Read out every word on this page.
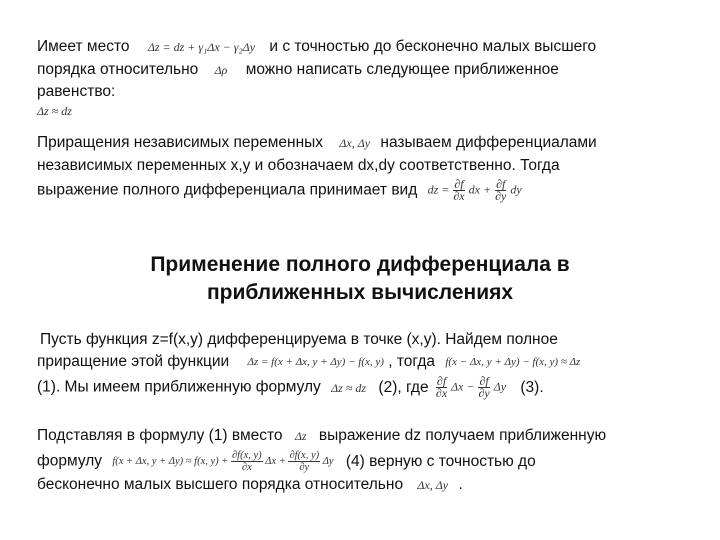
Имеет место Δz = dz + γ₁Δx − γ₂Δy и с точностью до бесконечно малых высшего
порядка относительно Δρ можно написать следующее приближенное
равенство:
Δz ≈ dz
Приращения независимых переменных Δx, Δy называем дифференциалами
независимых переменных x,y и обозначаем dx,dy соответственно. Тогда
выражение полного дифференциала принимает вид dz = $\frac{\partial f}{\partial x}$ dx + $\frac{\partial f}{\partial y}$ dy
Применение полного дифференциала в
приближенных вычислениях
Пусть функция z=f(x,y) дифференцируема в точке (x,y). Найдем полное
приращение этой функции Δz = f(x + Δx, y + Δy) − f(x, y) , тогда f(x − Δx, y + Δy) − f(x, y) ≈ Δz
(1). Мы имеем приближенную формулу Δz ≈ dz (2), где $\frac{\partial f}{\partial x}$ $\Delta x - \frac{\partial f}{\partial y}$ Δy (3).
Подставляя в формулу (1) вместо Δz выражение dz получаем приближенную
формулу f(x + Δx, y + Δy) ≈ f(x, $y) + \frac{\partial f(x, y)}{\partial x}$ $\Delta x + \frac{\partial f(x, y)}{\partial y}$ Δy (4) верную с точностью до
бесконечно малых высшего порядка относительно Δx, Δy .
